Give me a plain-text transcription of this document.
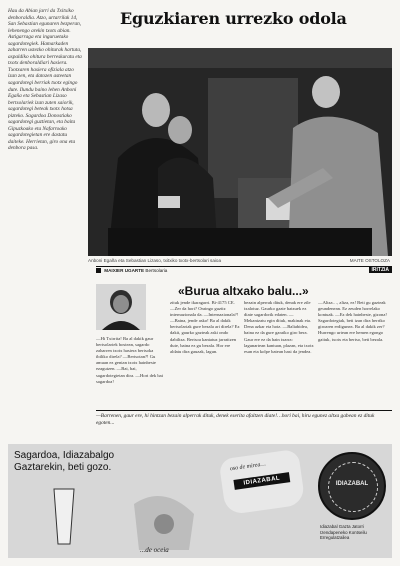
Hau da Abian jarri da Txitxiko denboraldia. Atzo, urtarrilak 14, San Sebastian egunaren bezperan, lehenengo arekin txotx abian. Astigarraga eta inguruetako sagardotegiek. Hamarkaden zaharren ustezko ohiturak hartuta, aspaldiko ohitura berreskuratu eta txotx denboraldiari hasiera. Txotxaren hasiera ofiziala atzo izan zen, eta datozen asteetan sagardotegi berriak txotx egingo dute. Ilundu baino lehen Anboni Egaña eta Sebastian Lizaso bertsolariek izan zuten saiorik, sagardotegi beteak txotx hotsa pizteko. Sagardoa Donostiako sagardotegi guztietan, eta baita Gipuzkoako eta Nafarroako sagardotegietan ere dastatu daiteke. Herrietan, giro ona eta denbora pasa.

Eguzkiaren urrezko odola
Anboni Egaña eta Sebastian Lizaso, txitxiko txotx-bertsolari saioa	MAITE OSTOLOZA
MAIXIER UGARTE Bertsolaria	IRITZIA
«Burua altxako balu...»

—Hi Txirrita! Ba al dakik gaur bertsolariek bostean, sagardo zaharren txotx hasiera bertsoka ibiliko direla? —Bertsotan?! Gu amuan ez genian txotx hainbeste ezagutzen. —Bai, bai, sagardotegietan dira. —Hori dek bai sagardoa!

zituk jende ikaragarri. Bi-4175 CE. —Zer da hori? Oraingo guztiz internazionala da. —Internazionala?! —Baina, jende asko! Ba al dakik bertsolariak gure bezala ari direla? Ez dakit, gaurko gazteak aski ondo dabiltza. Bertsoa kantatuz jarraitzen dute, baina ez gu bezala. Hor ere aldatu dira gauzak, lagun.

bezain alperrak dituk, denak ere zile txalotuz. Gaurko gazte batzuek ez diate sagardorik edaten. —Mekanizatu egin dituk, makinak eta. Dena azkar eta hotz. —Baliabidea, baina ez da gure garaiko giro bera. Gaur ere ez da hain txarra: lagunartean kantuan, plazan, eta txotx esan eta kolpe batean hasi da jendea.

—Altza…, altza, ez! Beti gu gazteak geundenean. Ez zeuden horrelako kontuak. —Ez dek hainbeste, gizona! Sagardotegiak, beti izan dira herriko giroaren erdigunea. Ba al dakik zer? Hurrengo urtean ere hemen egongo gaituk, txotx eta bertso, beti bezala.

—Barrenen, gaur ere, hi hintzan bezain alperrak dituk, denek eserita afaltzen diate!…hori bai, hiru egunez altxa gabean ez dituk egoten...
Sagardoa, Idiazabalgo
Gaztarekin, beti gozo.	oso de mirea…
IDIAZABAL	IDIAZABAL
Idiazabal Gazta Jatorri Izendapeneko Kontseilu Erregulatzailea
...de oceia
